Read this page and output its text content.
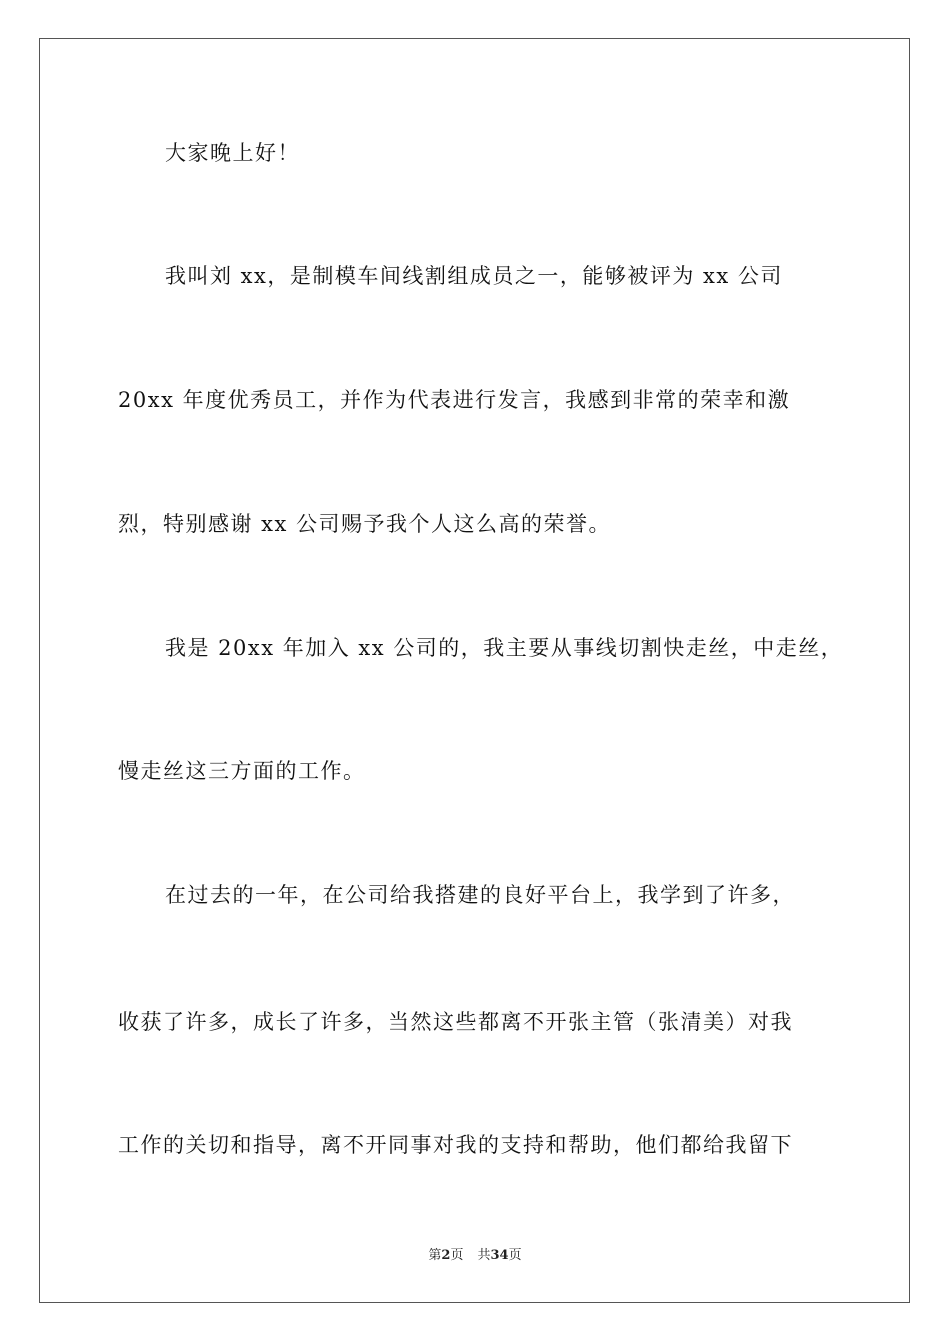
大家晚上好！
我叫刘 xx，是制模车间线割组成员之一，能够被评为 xx 公司
20xx 年度优秀员工，并作为代表进行发言，我感到非常的荣幸和激
烈，特别感谢 xx 公司赐予我个人这么高的荣誉。
我是 20xx 年加入 xx 公司的，我主要从事线切割快走丝，中走丝，
慢走丝这三方面的工作。
在过去的一年，在公司给我搭建的良好平台上，我学到了许多，
收获了许多，成长了许多，当然这些都离不开张主管（张清美）对我
工作的关切和指导，离不开同事对我的支持和帮助，他们都给我留下
第2页 共34页
